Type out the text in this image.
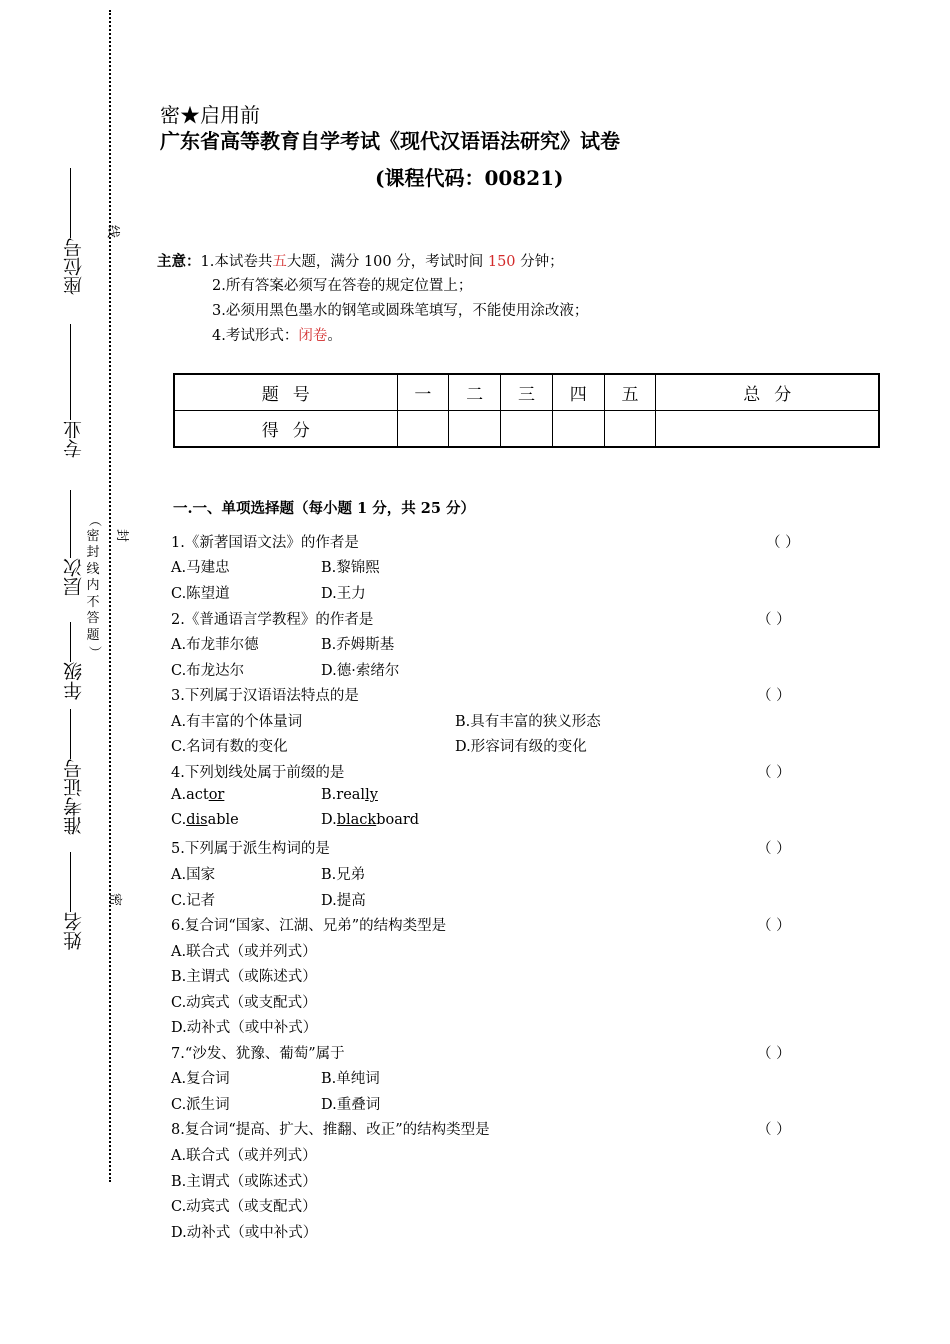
座位号
专业
层次
年级
准考证号
姓名
线
封
密
（
密
封
线
内
不
答
题
）
密★启用前
广东省高等教育自学考试《现代汉语语法研究》试卷
(课程代码：00821)
主意：1.本试卷共五大题，满分 100 分，考试时间 150 分钟；
2.所有答案必须写在答卷的规定位置上；
3.必须用黑色墨水的钢笔或圆珠笔填写，不能使用涂改液；
4.考试形式：闭卷。
题号	一	二	三	四	五	总分
得分						
一.一、单项选择题（每小题 1 分，共 25 分）
1.《新著国语文法》的作者是	（ ）
A.马建忠	B.黎锦熙
C.陈望道	D.王力
2.《普通语言学教程》的作者是	（ ）
A.布龙菲尔德	B.乔姆斯基
C.布龙达尔	D.德·索绪尔
3.下列属于汉语语法特点的是	（ ）
A.有丰富的个体量词	B.具有丰富的狭义形态
C.名词有数的变化	D.形容词有级的变化
4.下列划线处属于前缀的是	（ ）
A.actor	B.really
C.disable	D.blackboard
5.下列属于派生构词的是	（ ）
A.国家	B.兄弟
C.记者	D.提高
6.复合词“国家、江湖、兄弟”的结构类型是	（ ）
A.联合式（或并列式）
B.主谓式（或陈述式）
C.动宾式（或支配式）
D.动补式（或中补式）
7.“沙发、犹豫、葡萄”属于	（ ）
A.复合词	B.单纯词
C.派生词	D.重叠词
8.复合词“提高、扩大、推翻、改正”的结构类型是	（ ）
A.联合式（或并列式）
B.主谓式（或陈述式）
C.动宾式（或支配式）
D.动补式（或中补式）
